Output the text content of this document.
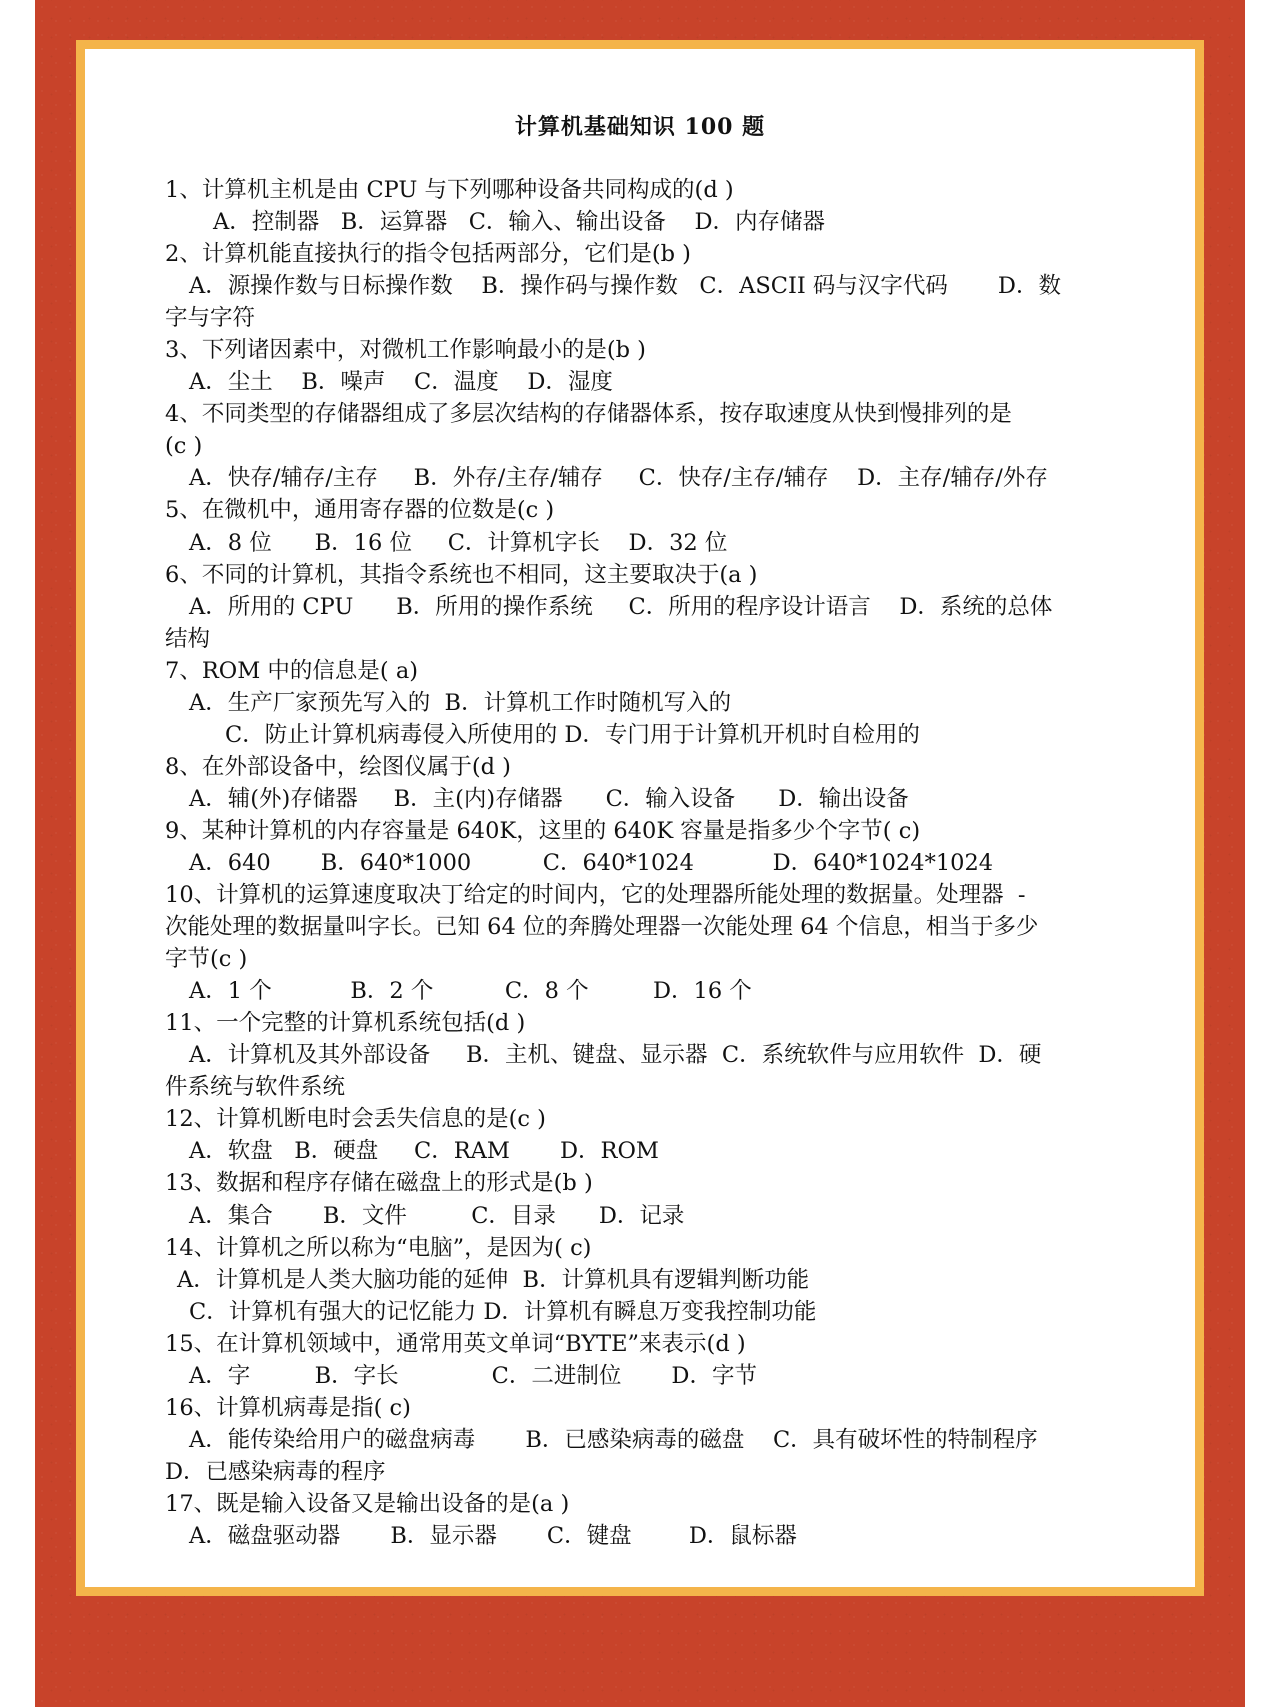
计算机基础知识 100 题
1、计算机主机是由 CPU 与下列哪种设备共同构成的(d )
A．控制器   B．运算器   C．输入、输出设备    D．内存储器
2、计算机能直接执行的指令包括两部分，它们是(b )
A．源操作数与日标操作数    B．操作码与操作数   C．ASCII 码与汉字代码       D．数
字与字符
3、下列诸因素中，对微机工作影响最小的是(b )
A．尘土    B．噪声    C．温度    D．湿度
4、不同类型的存储器组成了多层次结构的存储器体系，按存取速度从快到慢排列的是
(c )
A．快存/辅存/主存     B．外存/主存/辅存     C．快存/主存/辅存    D．主存/辅存/外存
5、在微机中，通用寄存器的位数是(c )
A．8 位      B．16 位     C．计算机字长    D．32 位
6、不同的计算机，其指令系统也不相同，这主要取决于(a )
A．所用的 CPU      B．所用的操作系统     C．所用的程序设计语言    D．系统的总体
结构
7、ROM 中的信息是( a)
A．生产厂家预先写入的  B．计算机工作时随机写入的
C．防止计算机病毒侵入所使用的 D．专门用于计算机开机时自检用的
8、在外部设备中，绘图仪属于(d )
A．辅(外)存储器     B．主(内)存储器      C．输入设备      D．输出设备
9、某种计算机的内存容量是 640K，这里的 640K 容量是指多少个字节( c)
A．640       B．640*1000          C．640*1024           D．640*1024*1024
10、计算机的运算速度取决丁给定的时间内，它的处理器所能处理的数据量。处理器  -
次能处理的数据量叫字长。已知 64 位的奔腾处理器一次能处理 64 个信息，相当于多少
字节(c )
A．1 个           B．2 个          C．8 个         D．16 个
11、一个完整的计算机系统包括(d )
A．计算机及其外部设备     B．主机、键盘、显示器  C．系统软件与应用软件  D．硬
件系统与软件系统
12、计算机断电时会丢失信息的是(c )
A．软盘   B．硬盘     C．RAM       D．ROM
13、数据和程序存储在磁盘上的形式是(b )
A．集合       B．文件         C．目录      D．记录
14、计算机之所以称为“电脑”，是因为( c)
A．计算机是人类大脑功能的延伸  B．计算机具有逻辑判断功能
C．计算机有强大的记忆能力 D．计算机有瞬息万变我控制功能
15、在计算机领域中，通常用英文单词“BYTE”来表示(d )
A．字         B．字长             C．二进制位       D．字节
16、计算机病毒是指( c)
A．能传染给用户的磁盘病毒       B．已感染病毒的磁盘    C．具有破坏性的特制程序
D．已感染病毒的程序
17、既是输入设备又是输出设备的是(a )
A．磁盘驱动器       B．显示器       C．键盘        D．鼠标器
